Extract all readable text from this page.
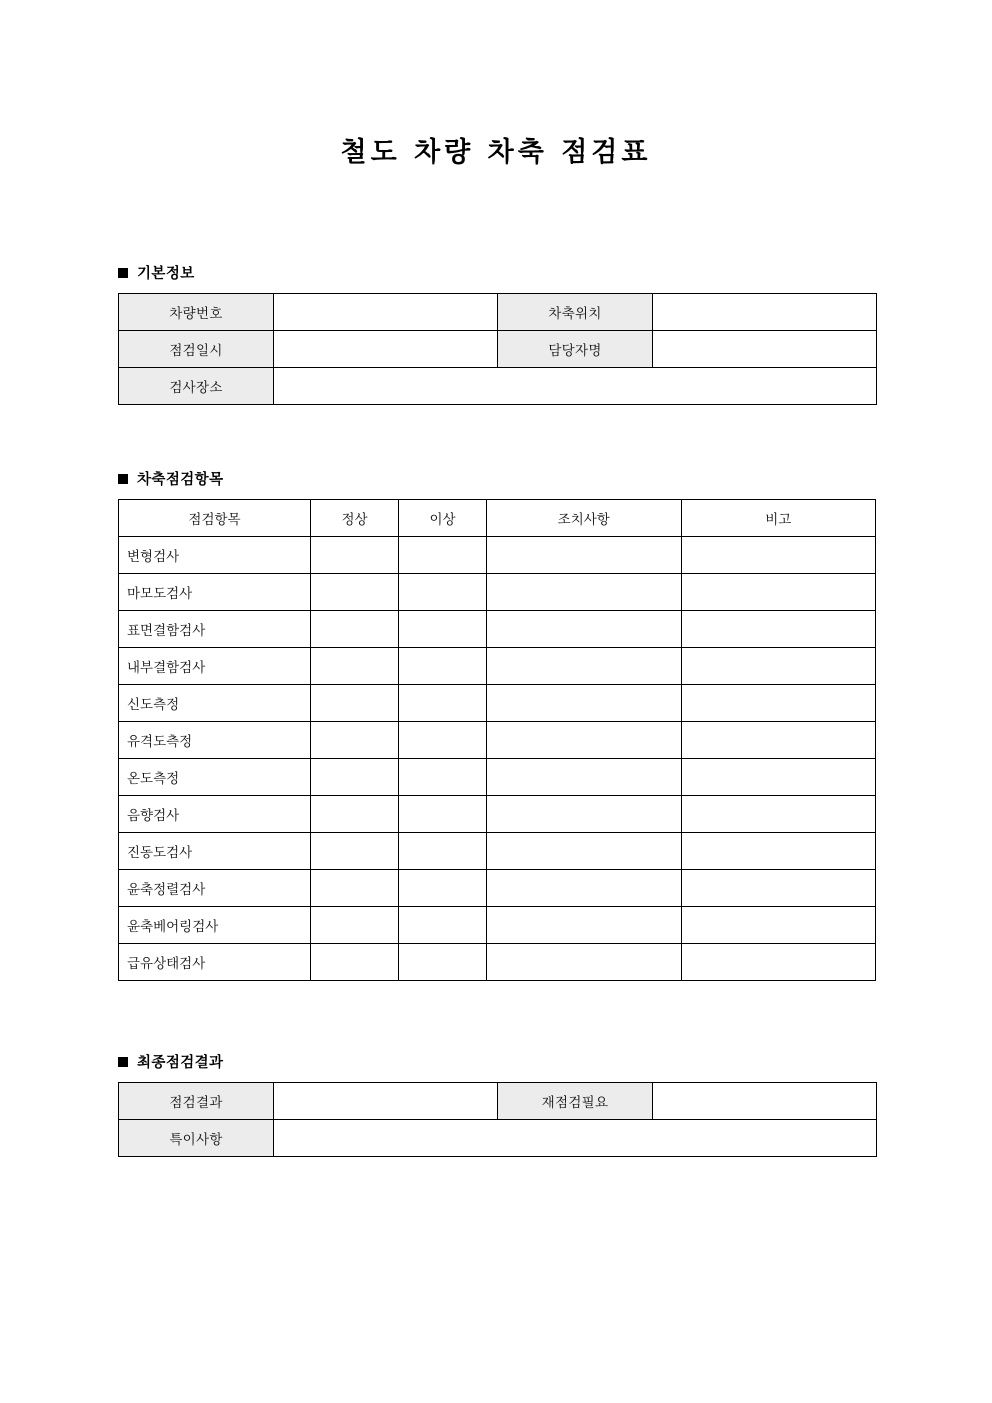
철도 차량 차축 점검표
기본정보
차량번호		차축위치	
점검일시		담당자명	
검사장소			
차축점검항목
점검항목	정상	이상	조치사항	비고
변형검사				
마모도검사				
표면결함검사				
내부결함검사				
신도측정				
유격도측정				
온도측정				
음향검사				
진동도검사				
윤축정렬검사				
윤축베어링검사				
급유상태검사				
최종점검결과
점검결과		재점검필요	
특이사항			
